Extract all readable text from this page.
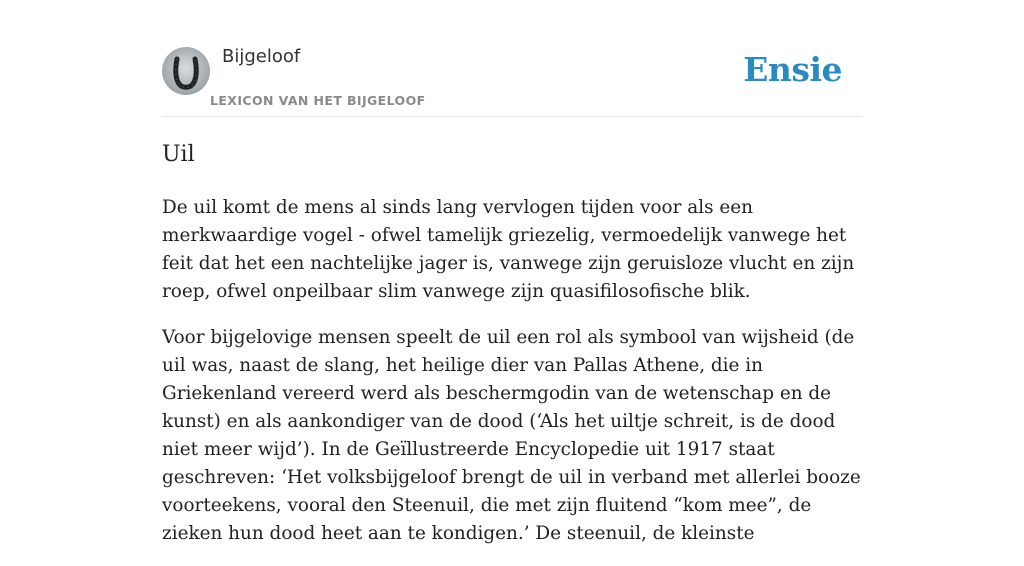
Bijgeloof
LEXICON VAN HET BIJGELOOF
Ensie
Uil

De uil komt de mens al sinds lang vervlogen tijden voor als een merkwaardige vogel - ofwel tamelijk griezelig, vermoedelijk vanwege het feit dat het een nachtelijke jager is, vanwege zijn geruisloze vlucht en zijn roep, ofwel onpeilbaar slim vanwege zijn quasifilosofische blik.

Voor bijgelovige mensen speelt de uil een rol als symbool van wijsheid (de uil was, naast de slang, het heilige dier van Pallas Athene, die in Griekenland vereerd werd als beschermgodin van de wetenschap en de kunst) en als aankondiger van de dood (‘Als het uiltje schreit, is de dood niet meer wijd’). In de Geïllustreerde Encyclopedie uit 1917 staat geschreven: ‘Het volksbijgeloof brengt de uil in verband met allerlei booze voorteekens, vooral den Steenuil, die met zijn fluitend “kom mee”, de zieken hun dood heet aan te kondigen.’ De steenuil, de kleinste
